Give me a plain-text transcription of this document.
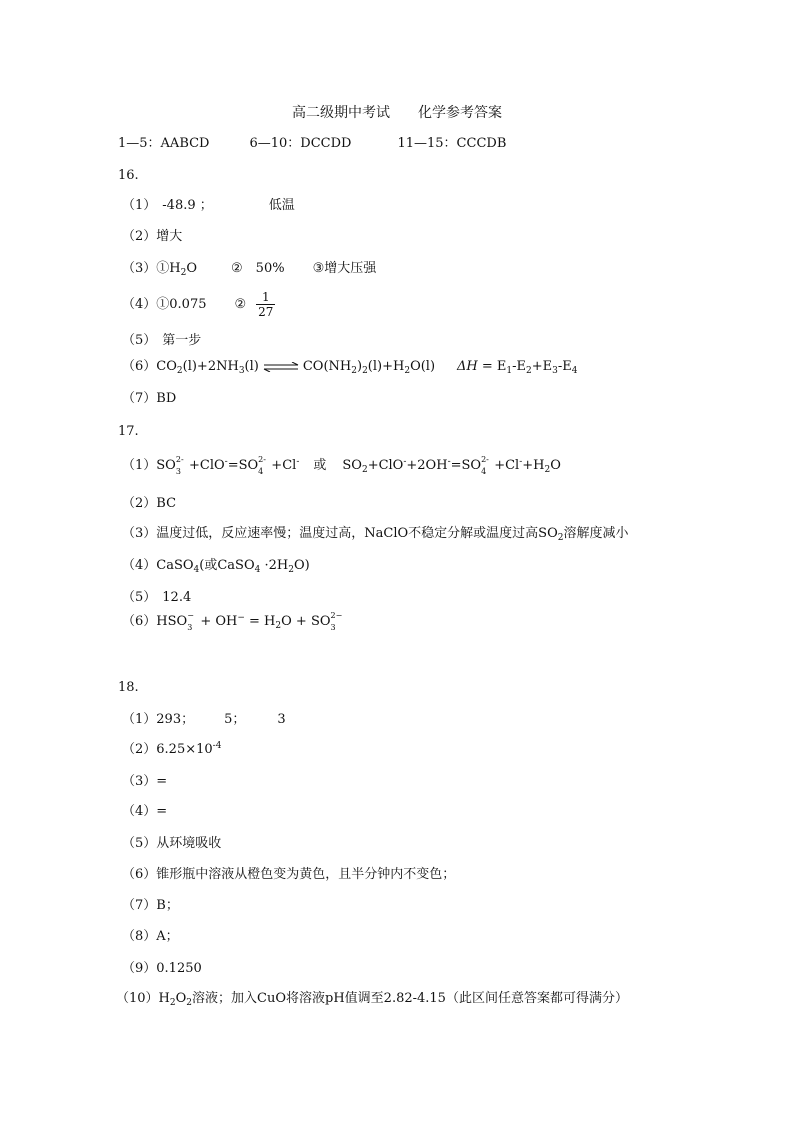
高二级期中考试　　化学参考答案
1—5：AABCD	6—10：DCCDD	11—15：CCCDB
16.
（1） -48.9 ；	低温
（2）增大
$(3)①H_2O$	②　50% ③增大压强
（4）①0.075 ② $\frac{1}{27}$
（5） 第一步
$(6)CO_2(l)+2NH_3(l)$ ⇌ $CO(NH_2)_2(l)+H_2O(l) \Delta H = E_1-E_2+E_3-E_4$
（7）BD
17.
（1）SO 2-
3 +ClO-=SO 2-
4 +Cl- 或 $SO_2+ClO^-+2OH^-=SO$ 2-
$4 +Cl^-+H_2O$
（2）BC
（3）温度过低，反应速率慢；温度过高，NaClO不稳定分解或温度过高$SO_2$溶解度减小
（4）CaSO$_4$(或CaSO$_4$ $\cdot 2H_2O$)
（5） 12.4
（6）HSO −
$3 + OH^- = H_2O$ + SO 2−
3
18.
（1）293； 5； 3
$(2)6.25\times 10^{-4}$
（3）=
（4）=
（5）从环境吸收
（6）锥形瓶中溶液从橙色变为黄色，且半分钟内不变色；
（7）B；
（8）A；
（9）0.1250
$(10)H_2O_2$溶液；加入CuO将溶液pH值调至2.82-4.15（此区间任意答案都可得满分）
